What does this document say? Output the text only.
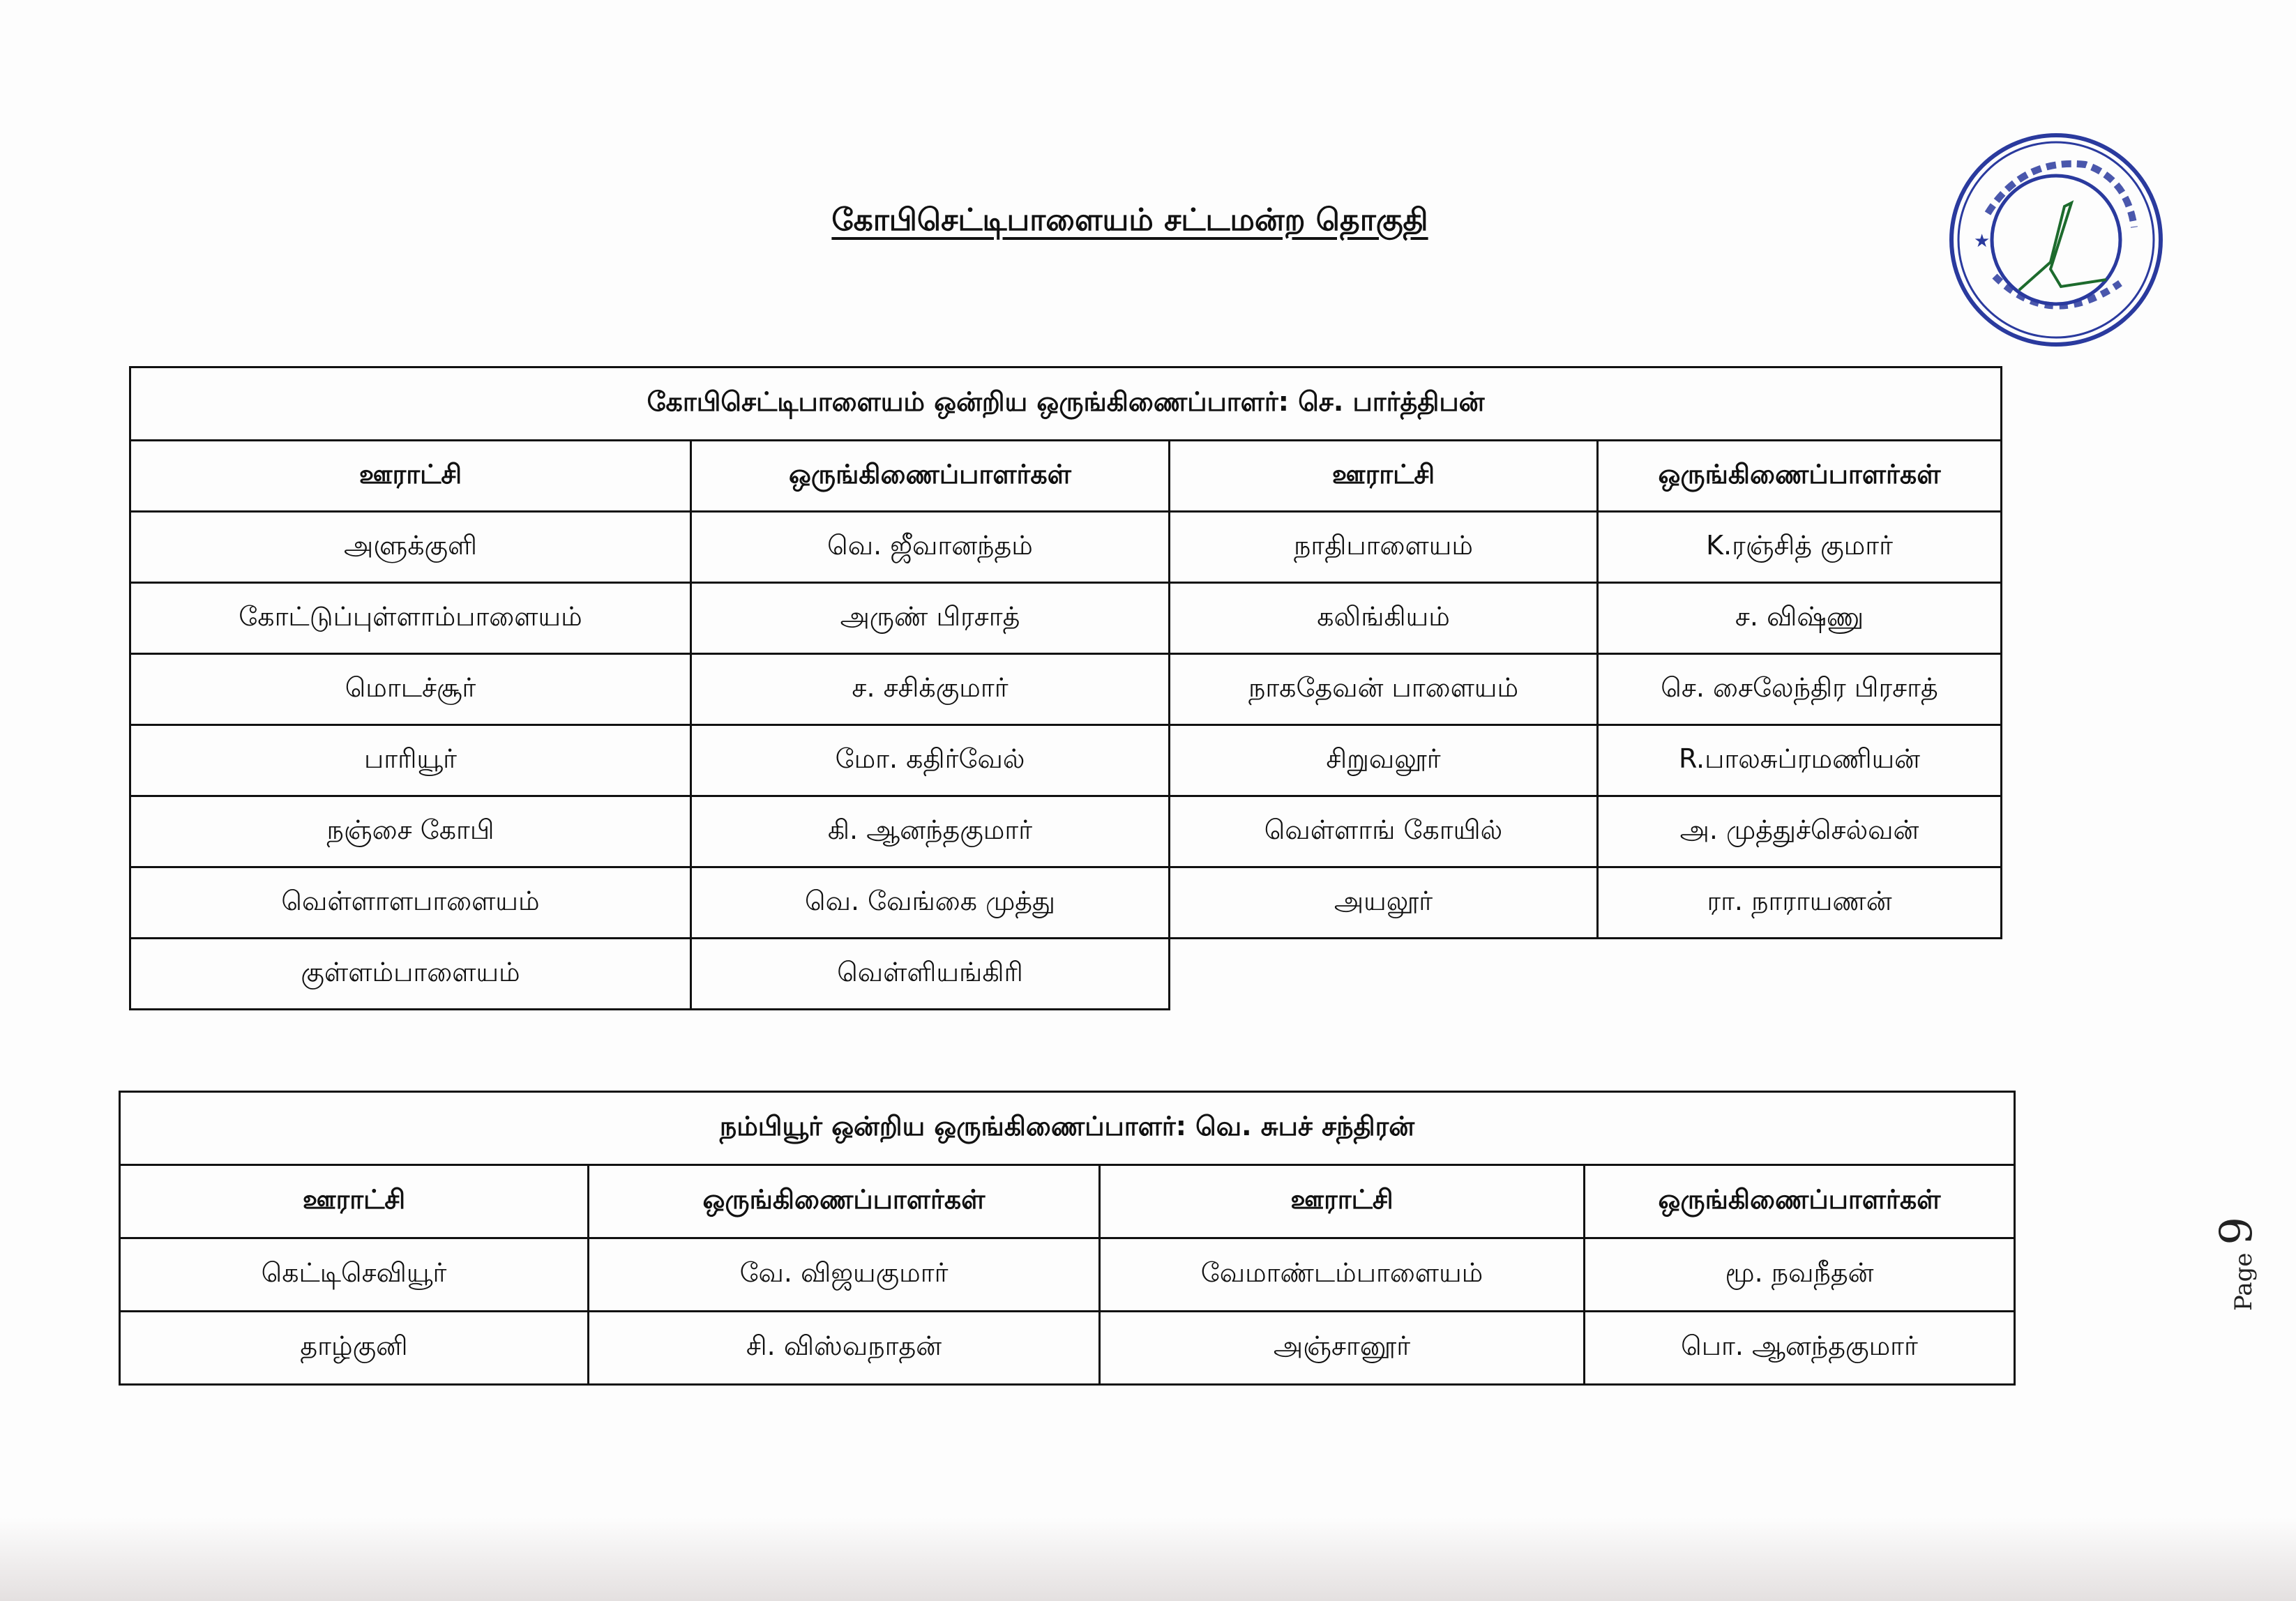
கோபிசெட்டிபாளையம் சட்டமன்ற தொகுதி
★
கோபிசெட்டிபாளையம் ஒன்றிய ஒருங்கிணைப்பாளர்: செ. பார்த்திபன்			
ஊராட்சி	ஒருங்கிணைப்பாளர்கள்	ஊராட்சி	ஒருங்கிணைப்பாளர்கள்
அளுக்குளி	வெ. ஜீவானந்தம்	நாதிபாளையம்	K.ரஞ்சித் குமார்
கோட்டுப்புள்ளாம்பாளையம்	அருண் பிரசாத்	கலிங்கியம்	ச. விஷ்ணு
மொடச்சூர்	ச. சசிக்குமார்	நாகதேவன் பாளையம்	செ. சைலேந்திர பிரசாத்
பாரியூர்	மோ. கதிர்வேல்	சிறுவலூர்	R.பாலசுப்ரமணியன்
நஞ்சை கோபி	கி. ஆனந்தகுமார்	வெள்ளாங் கோயில்	அ. முத்துச்செல்வன்
வெள்ளாளபாளையம்	வெ. வேங்கை முத்து	அயலூர்	ரா. நாராயணன்
குள்ளம்பாளையம்	வெள்ளியங்கிரி		
நம்பியூர் ஒன்றிய ஒருங்கிணைப்பாளர்: வெ. சுபச் சந்திரன்			
ஊராட்சி	ஒருங்கிணைப்பாளர்கள்	ஊராட்சி	ஒருங்கிணைப்பாளர்கள்
கெட்டிசெவியூர்	வே. விஜயகுமார்	வேமாண்டம்பாளையம்	மூ. நவநீதன்
தாழ்குனி	சி. விஸ்வநாதன்	அஞ்சானூர்	பொ. ஆனந்தகுமார்
Page 9
